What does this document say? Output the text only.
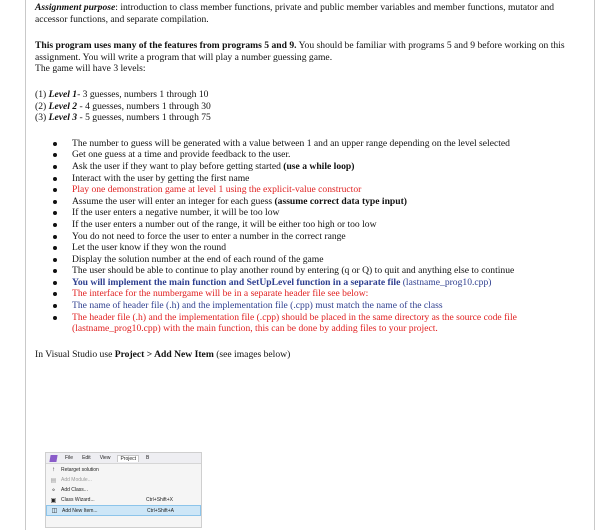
Assignment purpose: introduction to class member functions, private and public member variables and member functions, mutator and accessor functions, and separate compilation.

This program uses many of the features from programs 5 and 9. You should be familiar with programs 5 and 9 before working on this assignment. You will write a program that will play a number guessing game.

The game will have 3 levels:

(1) Level 1- 3 guesses, numbers 1 through 10

(2) Level 2 - 4 guesses, numbers 1 through 30

(3) Level 3 - 5 guesses, numbers 1 through 75

The number to guess will be generated with a value between 1 and an upper range depending on the level selected
Get one guess at a time and provide feedback to the user.
Ask the user if they want to play before getting started (use a while loop)
Interact with the user by getting the first name
Play one demonstration game at level 1 using the explicit-value constructor
Assume the user will enter an integer for each guess (assume correct data type input)
If the user enters a negative number, it will be too low
If the user enters a number out of the range, it will be either too high or too low
You do not need to force the user to enter a number in the correct range
Let the user know if they won the round
Display the solution number at the end of each round of the game
The user should be able to continue to play another round by entering (q or Q) to quit and anything else to continue
You will implement the main function and SetUpLevel function in a separate file (lastname_prog10.cpp)
The interface for the numbergame will be in a separate header file see below:
The name of header file (.h) and the implementation file (.cpp) must match the name of the class
The header file (.h) and the implementation file (.cpp) should be placed in the same directory as the source code file (lastname_prog10.cpp) with the main function, this can be done by adding files to your project.

In Visual Studio use Project > Add New Item (see images below)

File	Edit	View	Project	B
↑	Retarget solution
▤ Add Module...
⚬ Add Class...
▣ Class Wizard...	Ctrl+Shift+X
◫ Add New Item...	Ctrl+Shift+A
